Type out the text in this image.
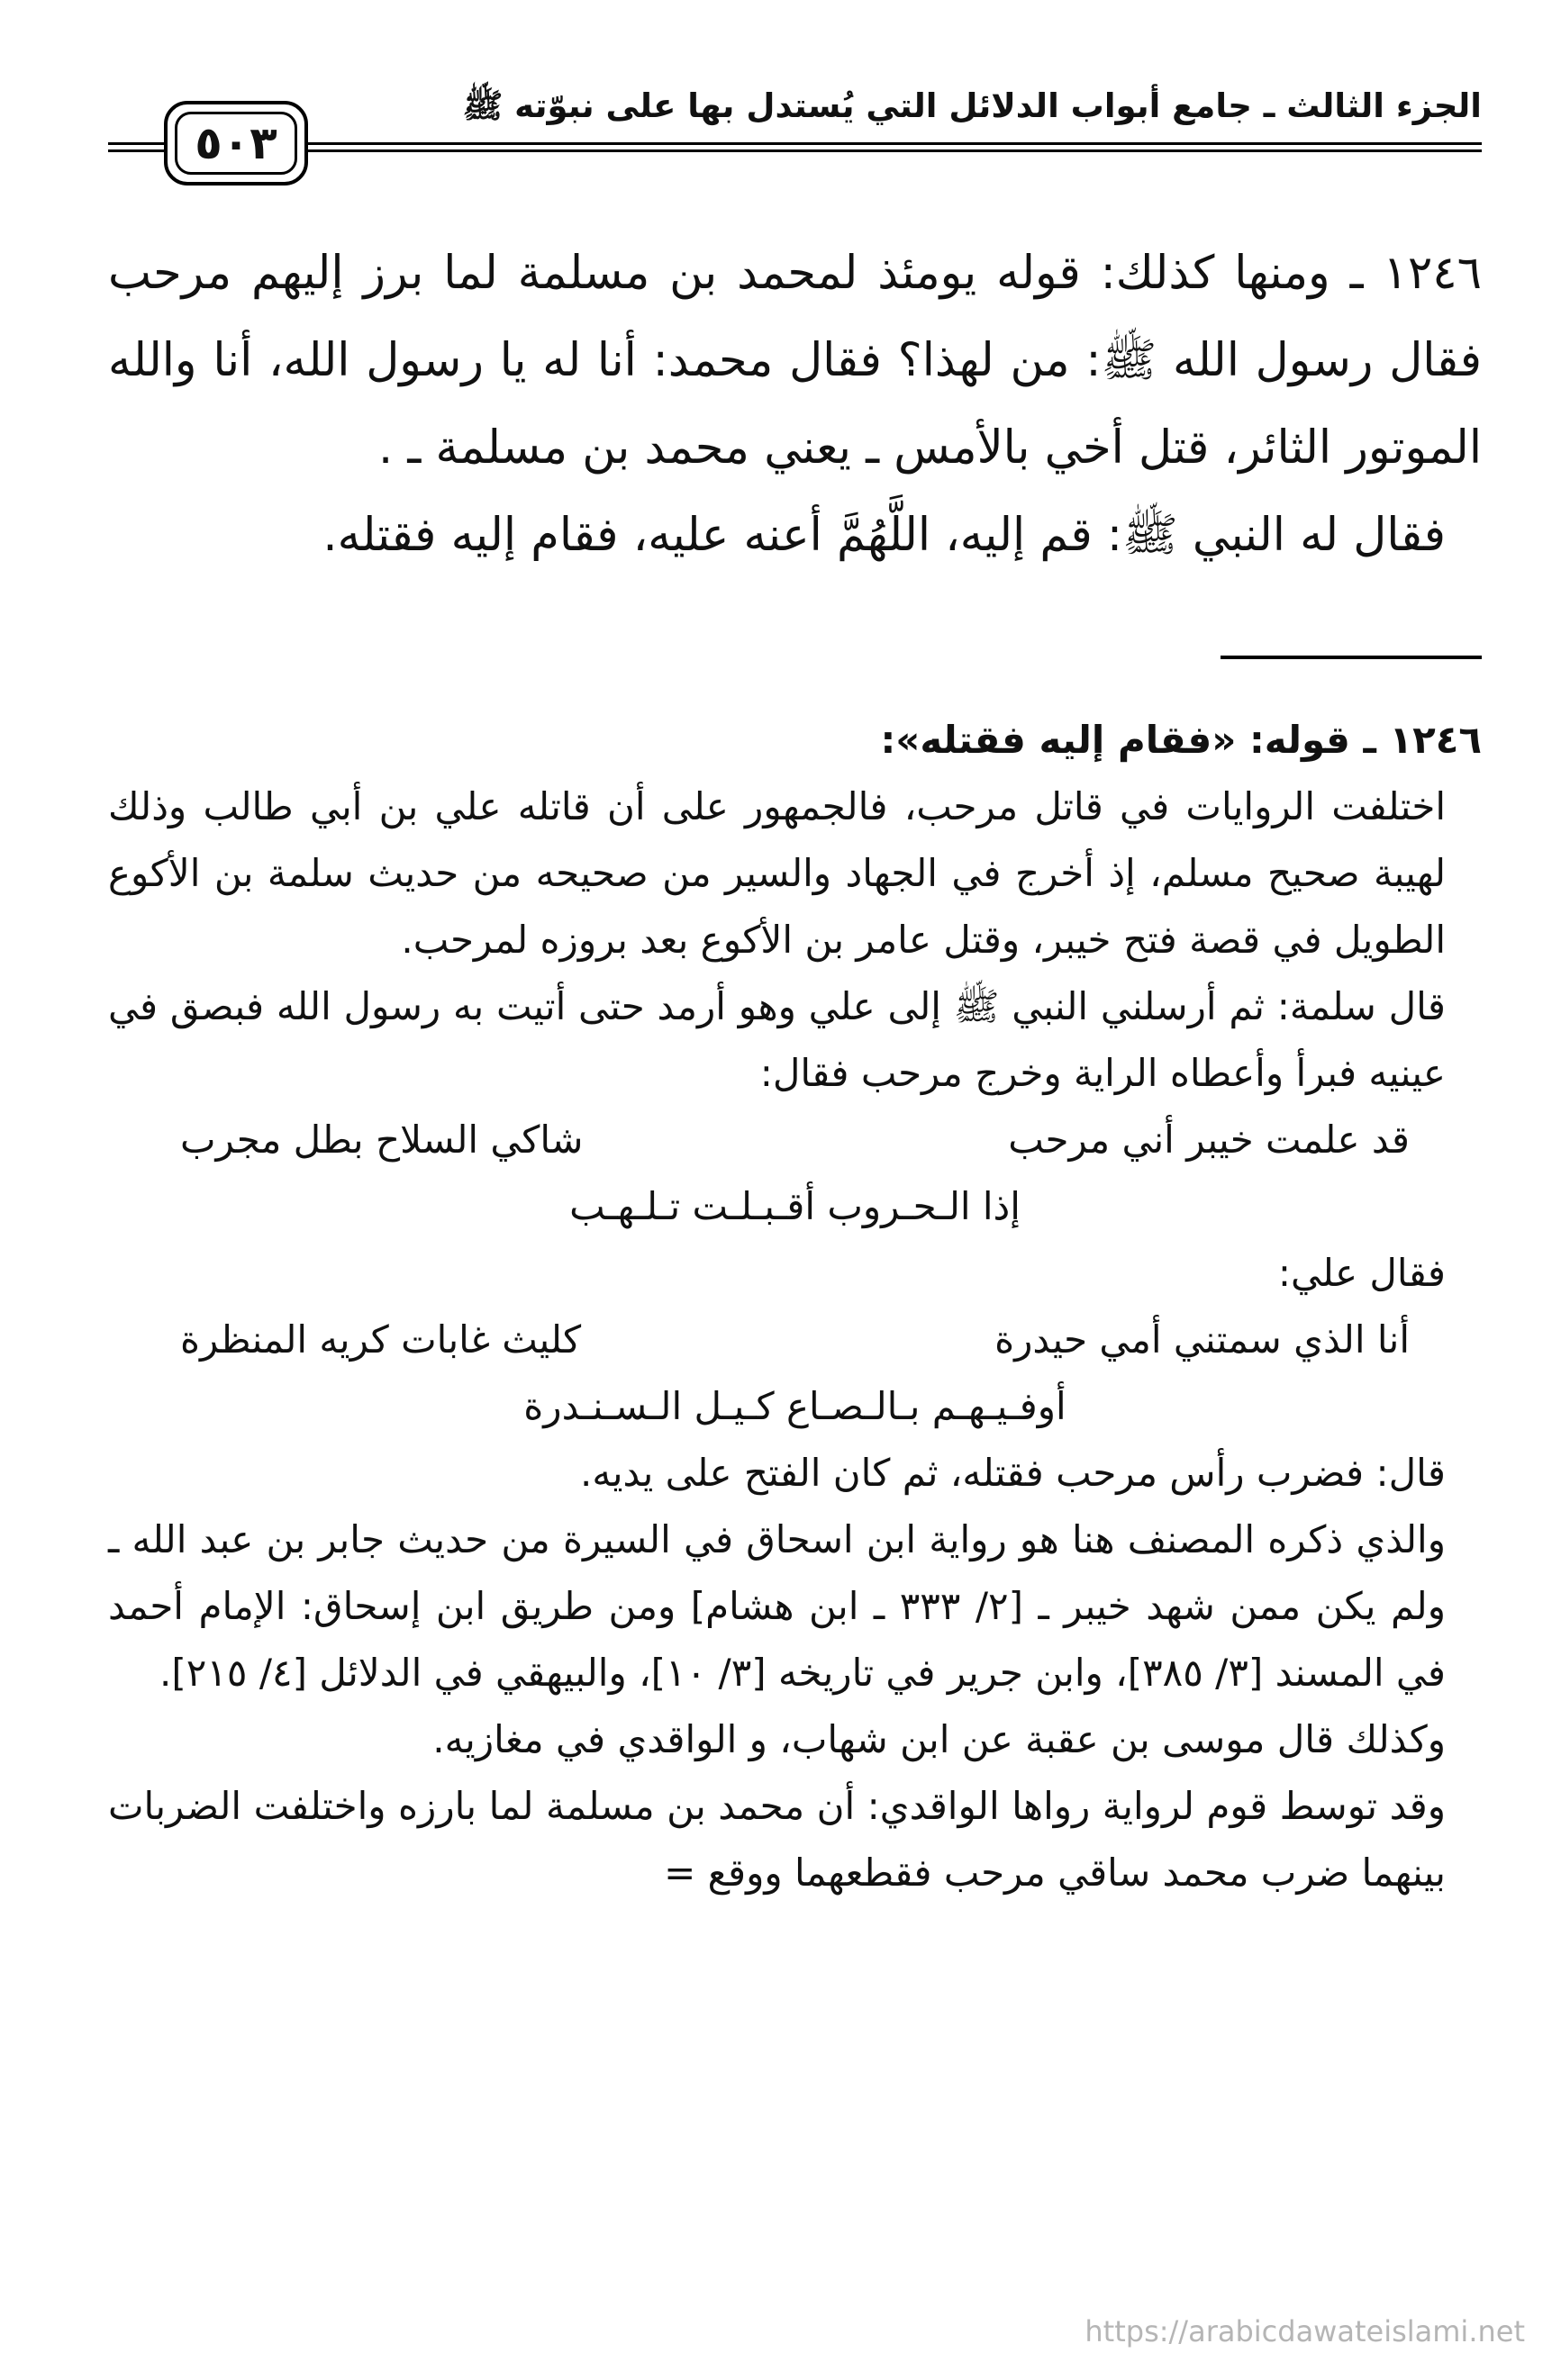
الجزء الثالث ـ جامع أبواب الدلائل التي يُستدل بها على نبوّته ﷺ
٥٠٣

١٢٤٦ ـ ومنها كذلك: قوله يومئذ لمحمد بن مسلمة لما برز إليهم مرحب فقال رسول الله ﷺ: من لهذا؟ فقال محمد: أنا له يا رسول الله، أنا والله الموتور الثائر، قتل أخي بالأمس ـ يعني محمد بن مسلمة ـ .

فقال له النبي ﷺ: قم إليه، اللَّهُمَّ أعنه عليه، فقام إليه فقتله.

١٢٤٦ ـ قوله: «فقام إليه فقتله»:

اختلفت الروايات في قاتل مرحب، فالجمهور على أن قاتله علي بن أبي طالب وذلك لهيبة صحيح مسلم، إذ أخرج في الجهاد والسير من صحيحه من حديث سلمة بن الأكوع الطويل في قصة فتح خيبر، وقتل عامر بن الأكوع بعد بروزه لمرحب.

قال سلمة: ثم أرسلني النبي ﷺ إلى علي وهو أرمد حتى أتيت به رسول الله فبصق في عينيه فبرأ وأعطاه الراية وخرج مرحب فقال:

قد علمت خيبر أني مرحب
شاكي السلاح بطل مجرب
إذا الـحـروب أقـبـلـت تـلـهـب

فقال علي:

أنا الذي سمتني أمي حيدرة
كليث غابات كريه المنظرة
أوفـيـهـم بـالـصـاع كـيـل الـسـنـدرة

قال: فضرب رأس مرحب فقتله، ثم كان الفتح على يديه.

والذي ذكره المصنف هنا هو رواية ابن اسحاق في السيرة من حديث جابر بن عبد الله ـ ولم يكن ممن شهد خيبر ـ [٢/ ٣٣٣ ـ ابن هشام] ومن طريق ابن إسحاق: الإمام أحمد في المسند [٣/ ٣٨٥]، وابن جرير في تاريخه [٣/ ١٠]، والبيهقي في الدلائل [٤/ ٢١٥].

وكذلك قال موسى بن عقبة عن ابن شهاب، و الواقدي في مغازيه.

وقد توسط قوم لرواية رواها الواقدي: أن محمد بن مسلمة لما بارزه واختلفت الضربات بينهما ضرب محمد ساقي مرحب فقطعهما ووقع =

https://arabicdawateislami.net
